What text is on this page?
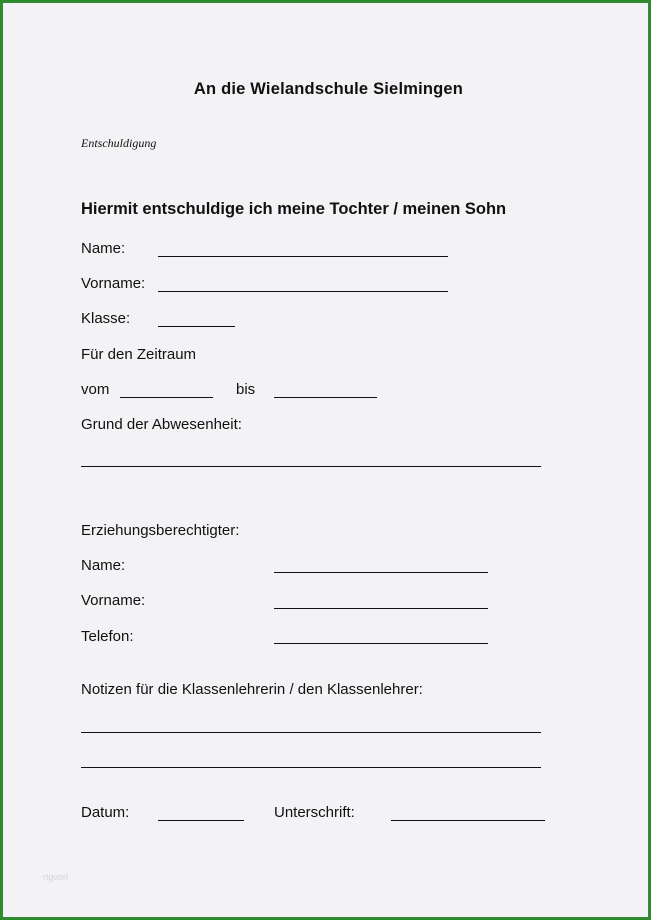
An die Wielandschule Sielmingen
Entschuldigung
Hiermit entschuldige ich meine Tochter / meinen Sohn
Name:
Vorname:
Klasse:
Für den Zeitraum
vom	bis
Grund der Abwesenheit:
Erziehungsberechtigter:
Name:
Vorname:
Telefon:
Notizen für die Klassenlehrerin / den Klassenlehrer:
Datum:	Unterschrift:
rtgvorl
